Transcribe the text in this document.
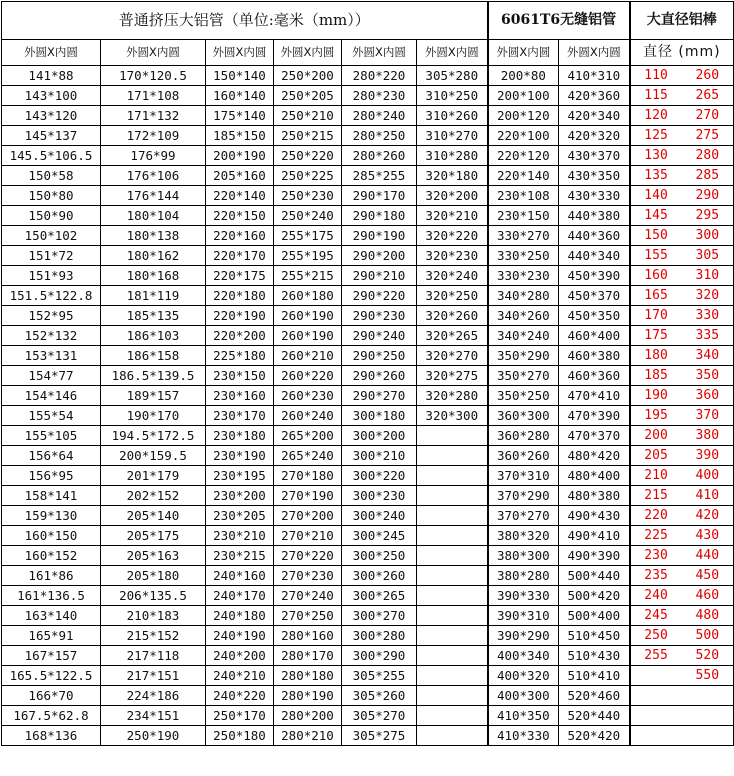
普通挤压大铝管（单位:毫米（mm））						6061T6无缝铝管		大直径铝棒	
外圆X内圆	外圆X内圆	外圆X内圆	外圆X内圆	外圆X内圆	外圆X内圆	外圆X内圆	外圆X内圆	直径 (mm)	
141*88	170*120.5	150*140	250*200	280*220	305*280	200*80	410*310	110	260
143*100	171*108	160*140	250*205	280*230	310*250	200*100	420*360	115	265
143*120	171*132	175*140	250*210	280*240	310*260	200*120	420*340	120	270
145*137	172*109	185*150	250*215	280*250	310*270	220*100	420*320	125	275
145.5*106.5	176*99	200*190	250*220	280*260	310*280	220*120	430*370	130	280
150*58	176*106	205*160	250*225	285*255	320*180	220*140	430*350	135	285
150*80	176*144	220*140	250*230	290*170	320*200	230*108	430*330	140	290
150*90	180*104	220*150	250*240	290*180	320*210	230*150	440*380	145	295
150*102	180*138	220*160	255*175	290*190	320*220	330*270	440*360	150	300
151*72	180*162	220*170	255*195	290*200	320*230	330*250	440*340	155	305
151*93	180*168	220*175	255*215	290*210	320*240	330*230	450*390	160	310
151.5*122.8	181*119	220*180	260*180	290*220	320*250	340*280	450*370	165	320
152*95	185*135	220*190	260*190	290*230	320*260	340*260	450*350	170	330
152*132	186*103	220*200	260*190	290*240	320*265	340*240	460*400	175	335
153*131	186*158	225*180	260*210	290*250	320*270	350*290	460*380	180	340
154*77	186.5*139.5	230*150	260*220	290*260	320*275	350*270	460*360	185	350
154*146	189*157	230*160	260*230	290*270	320*280	350*250	470*410	190	360
155*54	190*170	230*170	260*240	300*180	320*300	360*300	470*390	195	370
155*105	194.5*172.5	230*180	265*200	300*200		360*280	470*370	200	380
156*64	200*159.5	230*190	265*240	300*210		360*260	480*420	205	390
156*95	201*179	230*195	270*180	300*220		370*310	480*400	210	400
158*141	202*152	230*200	270*190	300*230		370*290	480*380	215	410
159*130	205*140	230*205	270*200	300*240		370*270	490*430	220	420
160*150	205*175	230*210	270*210	300*245		380*320	490*410	225	430
160*152	205*163	230*215	270*220	300*250		380*300	490*390	230	440
161*86	205*180	240*160	270*230	300*260		380*280	500*440	235	450
161*136.5	206*135.5	240*170	270*240	300*265		390*330	500*420	240	460
163*140	210*183	240*180	270*250	300*270		390*310	500*400	245	480
165*91	215*152	240*190	280*160	300*280		390*290	510*450	250	500
167*157	217*118	240*200	280*170	300*290		400*340	510*430	255	520
165.5*122.5	217*151	240*210	280*180	305*255		400*320	510*410		550
166*70	224*186	240*220	280*190	305*260		400*300	520*460		
167.5*62.8	234*151	250*170	280*200	305*270		410*350	520*440		
168*136	250*190	250*180	280*210	305*275		410*330	520*420		
